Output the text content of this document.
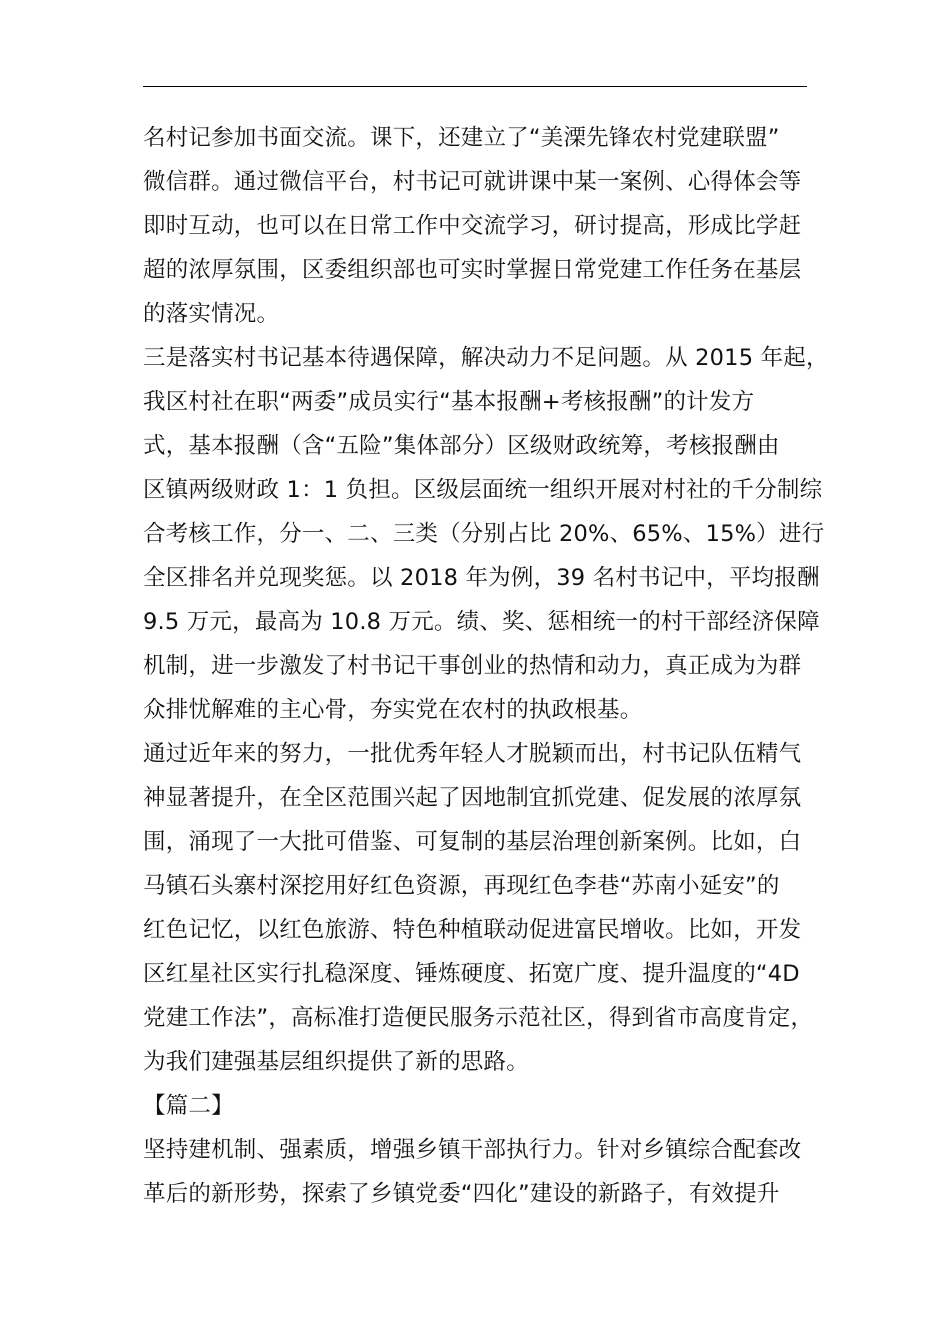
名村记参加书面交流。课下，还建立了“美溧先锋农村党建联盟”
微信群。通过微信平台，村书记可就讲课中某一案例、心得体会等
即时互动，也可以在日常工作中交流学习，研讨提高，形成比学赶
超的浓厚氛围，区委组织部也可实时掌握日常党建工作任务在基层
的落实情况。
三是落实村书记基本待遇保障，解决动力不足问题。从 2015 年起，
我区村社在职“两委”成员实行“基本报酬+考核报酬”的计发方
式，基本报酬（含“五险”集体部分）区级财政统筹，考核报酬由
区镇两级财政 1：1 负担。区级层面统一组织开展对村社的千分制综
合考核工作，分一、二、三类（分别占比 20%、65%、15%）进行
全区排名并兑现奖惩。以 2018 年为例，39 名村书记中，平均报酬
9.5 万元，最高为 10.8 万元。绩、奖、惩相统一的村干部经济保障
机制，进一步激发了村书记干事创业的热情和动力，真正成为为群
众排忧解难的主心骨，夯实党在农村的执政根基。
通过近年来的努力，一批优秀年轻人才脱颖而出，村书记队伍精气
神显著提升，在全区范围兴起了因地制宜抓党建、促发展的浓厚氛
围，涌现了一大批可借鉴、可复制的基层治理创新案例。比如，白
马镇石头寨村深挖用好红色资源，再现红色李巷“苏南小延安”的
红色记忆，以红色旅游、特色种植联动促进富民增收。比如，开发
区红星社区实行扎稳深度、锤炼硬度、拓宽广度、提升温度的“4D
党建工作法”，高标准打造便民服务示范社区，得到省市高度肯定，
为我们建强基层组织提供了新的思路。
【篇二】
坚持建机制、强素质，增强乡镇干部执行力。针对乡镇综合配套改
革后的新形势，探索了乡镇党委“四化”建设的新路子，有效提升
